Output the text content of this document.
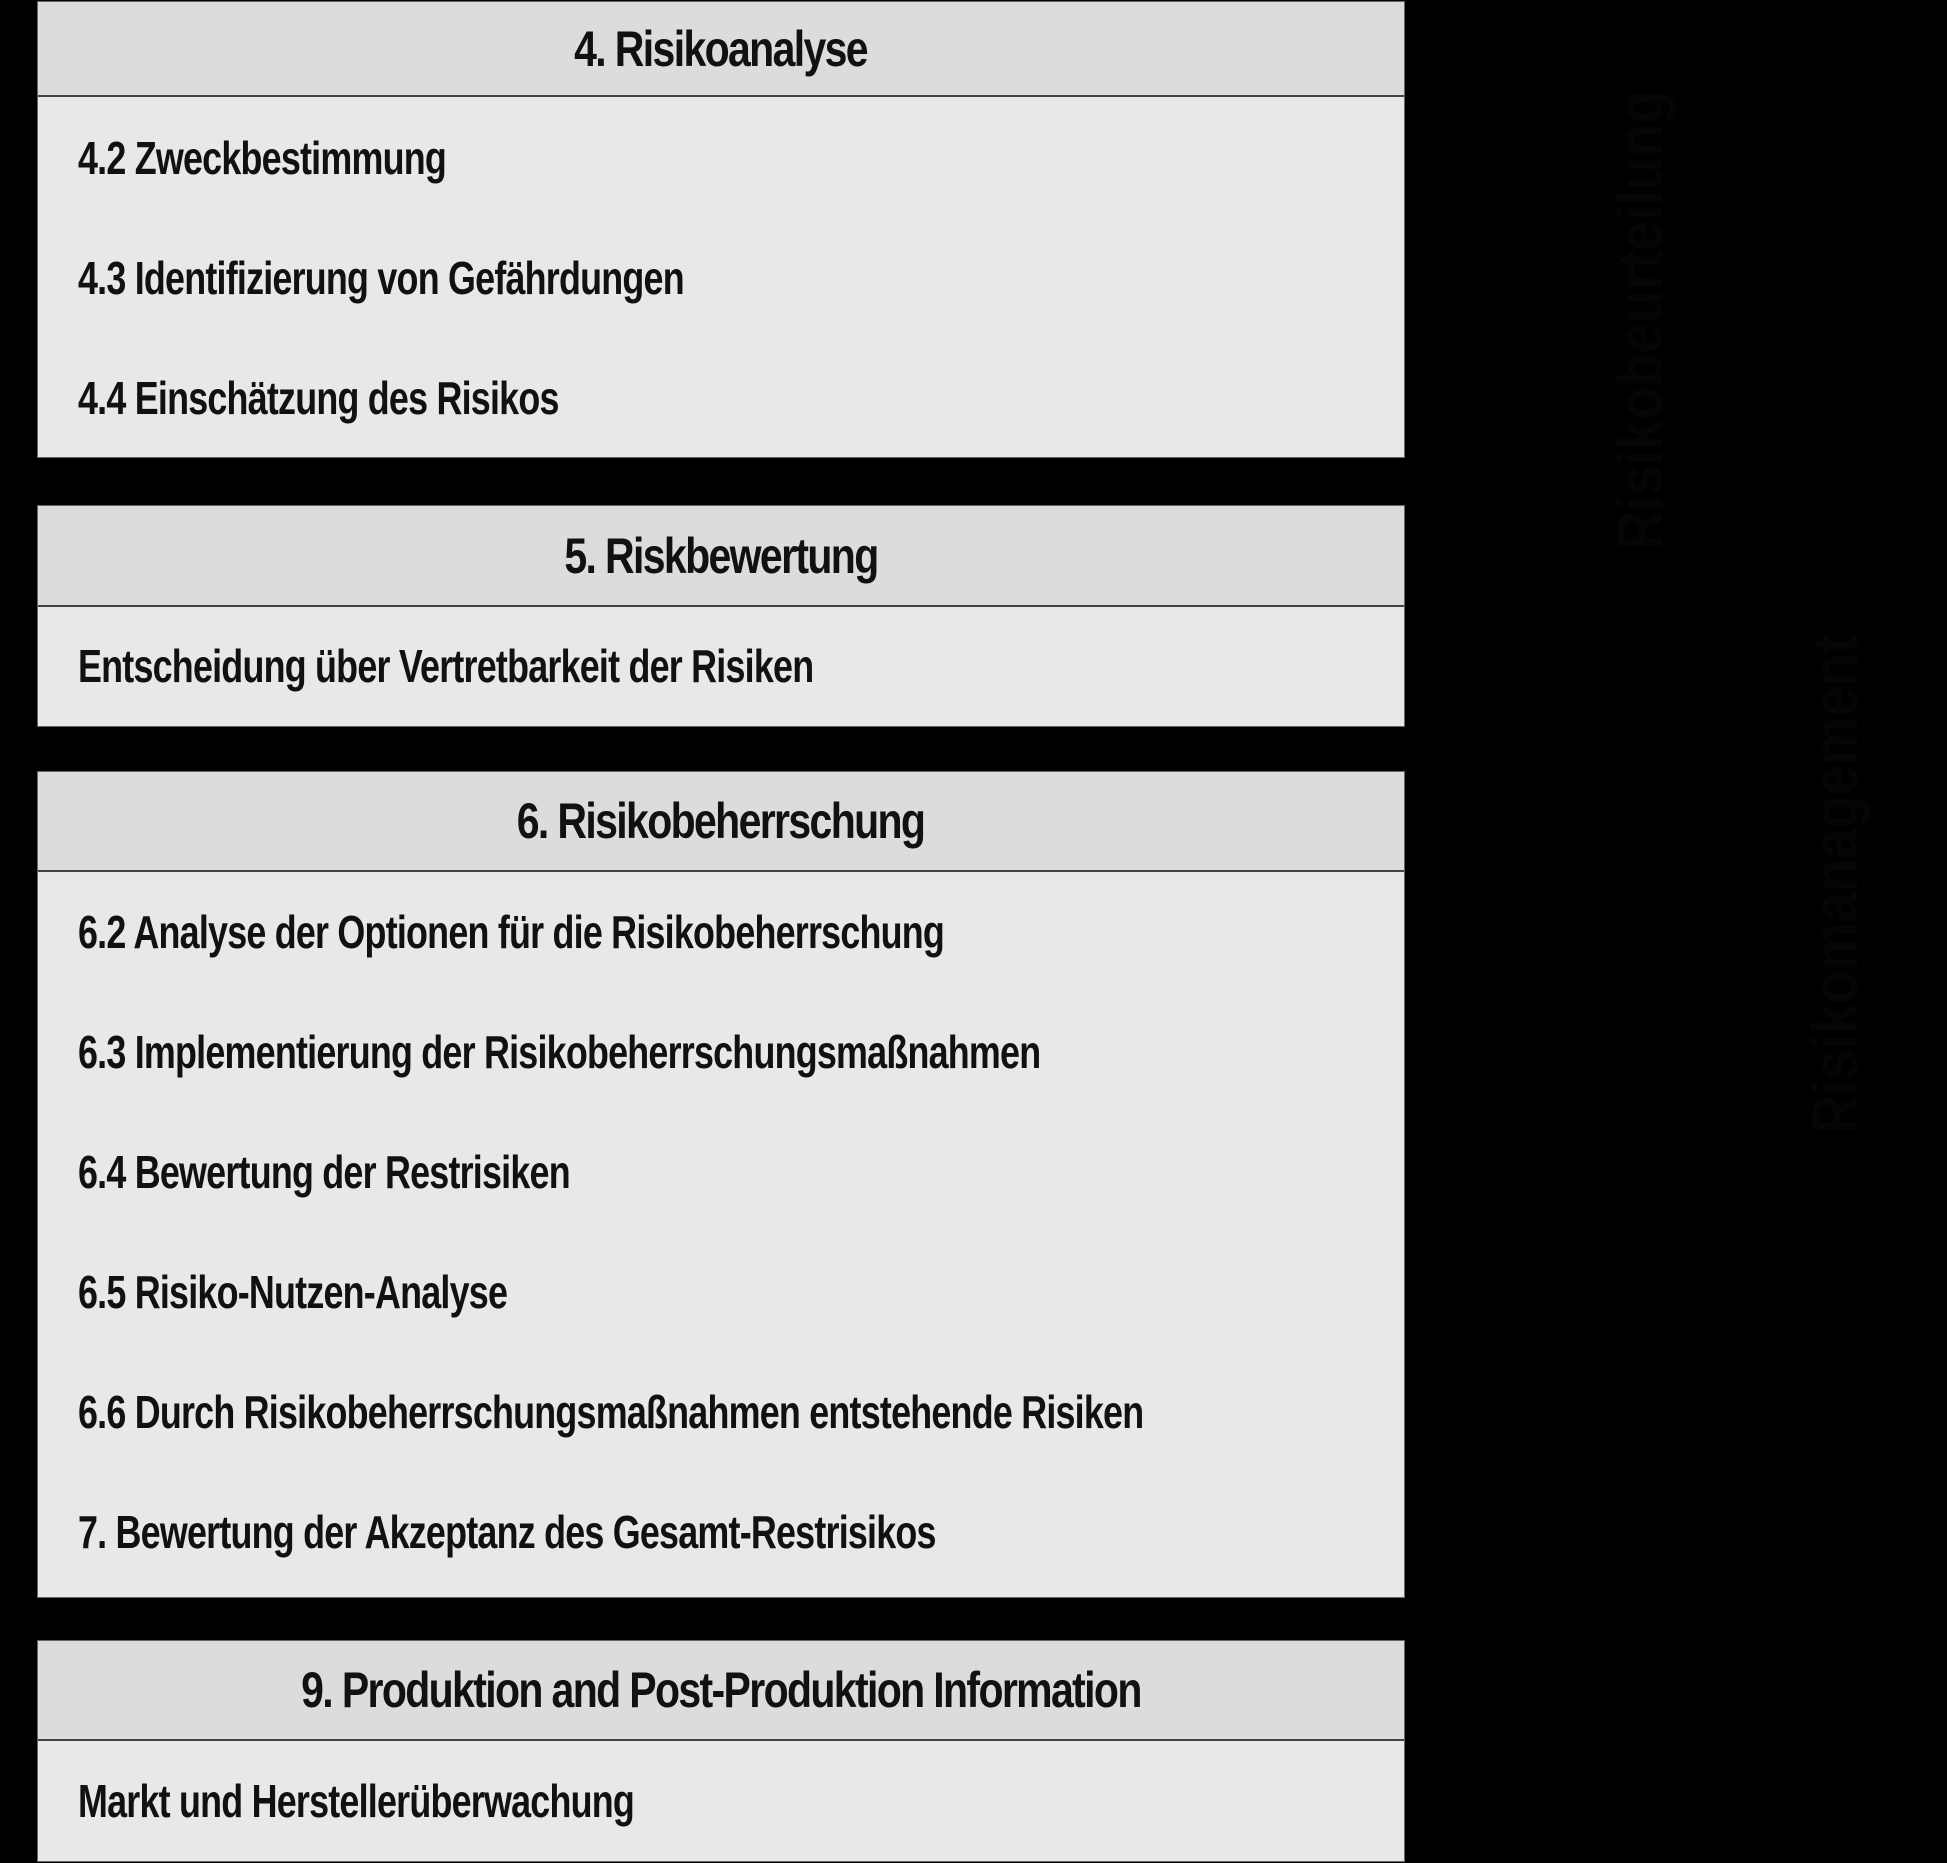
4. Risikoanalyse
4.2 Zweckbestimmung
4.3 Identifizierung von Gefährdungen
4.4 Einschätzung des Risikos
5. Riskbewertung
Entscheidung über Vertretbarkeit der Risiken
6. Risikobeherrschung
6.2 Analyse der Optionen für die Risikobeherrschung
6.3 Implementierung der Risikobeherrschungsmaßnahmen
6.4 Bewertung der Restrisiken
6.5 Risiko-Nutzen-Analyse
6.6 Durch Risikobeherrschungsmaßnahmen entstehende Risiken
7. Bewertung der Akzeptanz des Gesamt-Restrisikos
9. Produktion and Post-Produktion Information
Markt und Herstellerüberwachung
Risikobeurteilung
Risikomanagement
